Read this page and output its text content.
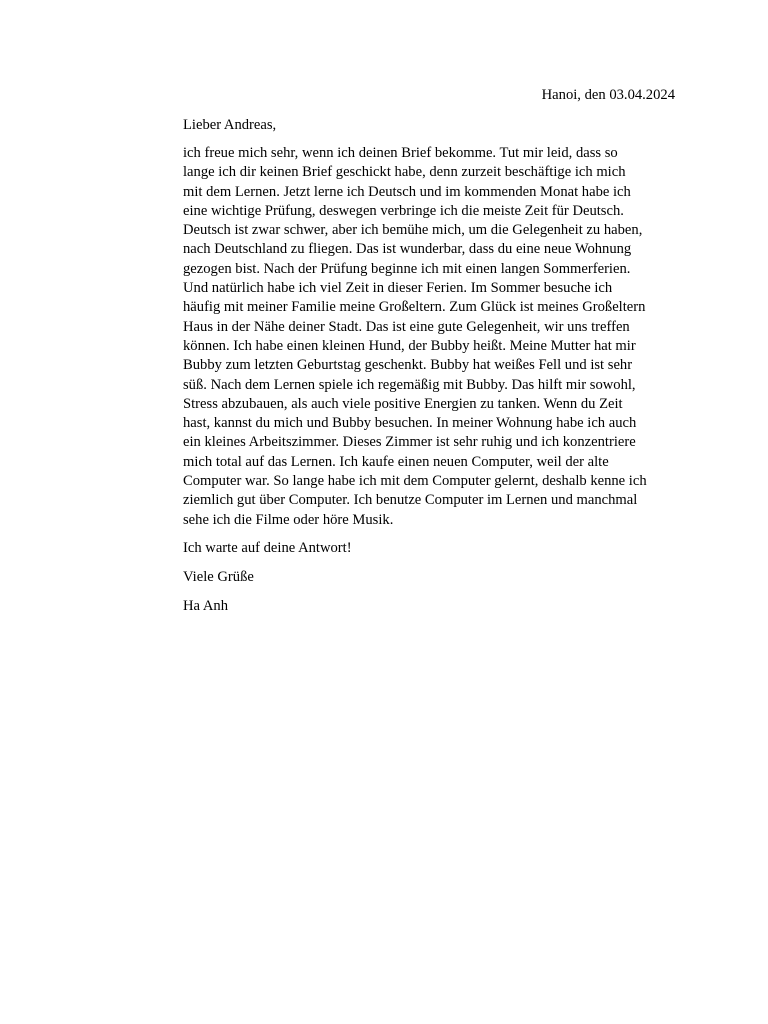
Hanoi, den 03.04.2024

Lieber Andreas,

ich freue mich sehr, wenn ich deinen Brief bekomme. Tut mir leid, dass so
lange ich dir keinen Brief geschickt habe, denn zurzeit beschäftige ich mich
mit dem Lernen. Jetzt lerne ich Deutsch und im kommenden Monat habe ich
eine wichtige Prüfung, deswegen verbringe ich die meiste Zeit für Deutsch.
Deutsch ist zwar schwer, aber ich bemühe mich, um die Gelegenheit zu haben,
nach Deutschland zu fliegen. Das ist wunderbar, dass du eine neue Wohnung
gezogen bist. Nach der Prüfung beginne ich mit einen langen Sommerferien.
Und natürlich habe ich viel Zeit in dieser Ferien. Im Sommer besuche ich
häufig mit meiner Familie meine Großeltern. Zum Glück ist meines Großeltern
Haus in der Nähe deiner Stadt. Das ist eine gute Gelegenheit, wir uns treffen
können. Ich habe einen kleinen Hund, der Bubby heißt. Meine Mutter hat mir
Bubby zum letzten Geburtstag geschenkt. Bubby hat weißes Fell und ist sehr
süß. Nach dem Lernen spiele ich regemäßig mit Bubby. Das hilft mir sowohl,
Stress abzubauen, als auch viele positive Energien zu tanken. Wenn du Zeit
hast, kannst du mich und Bubby besuchen. In meiner Wohnung habe ich auch
ein kleines Arbeitszimmer. Dieses Zimmer ist sehr ruhig und ich konzentriere
mich total auf das Lernen. Ich kaufe einen neuen Computer, weil der alte
Computer war. So lange habe ich mit dem Computer gelernt, deshalb kenne ich
ziemlich gut über Computer. Ich benutze Computer im Lernen und manchmal
sehe ich die Filme oder höre Musik.

Ich warte auf deine Antwort!

Viele Grüße

Ha Anh
